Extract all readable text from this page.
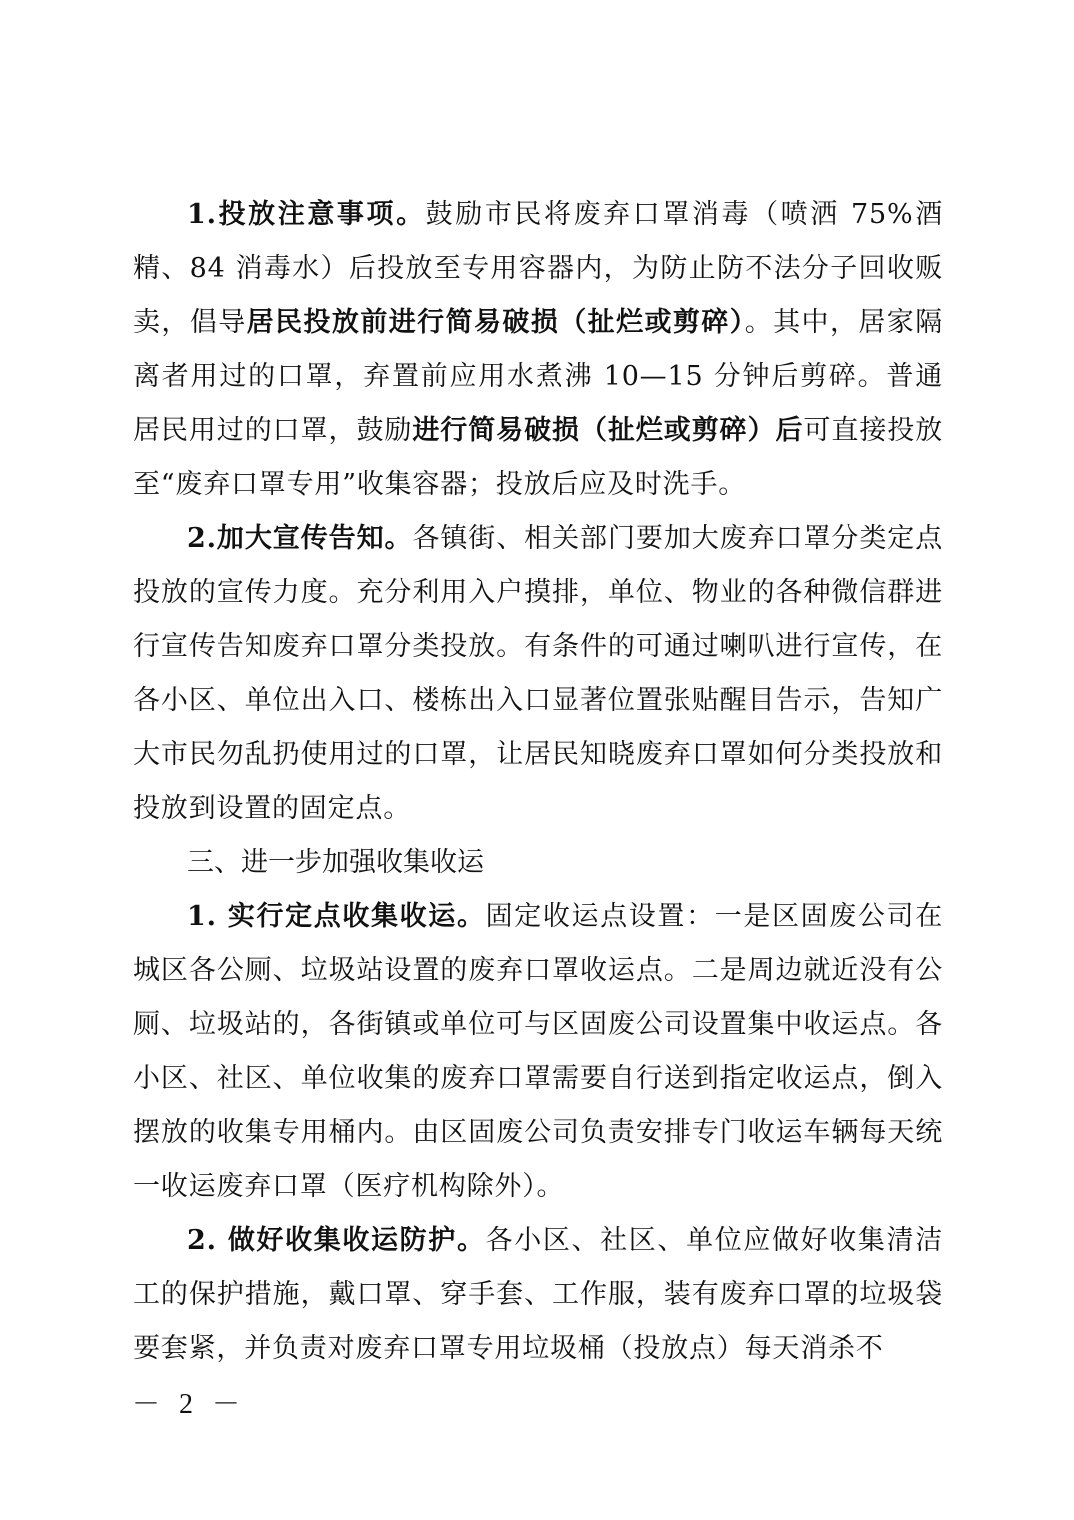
1.投放注意事项。鼓励市民将废弃口罩消毒（喷洒 75%酒精、84 消毒水）后投放至专用容器内，为防止防不法分子回收贩卖，倡导居民投放前进行简易破损（扯烂或剪碎）。其中，居家隔离者用过的口罩，弃置前应用水煮沸 10—15 分钟后剪碎。普通居民用过的口罩，鼓励进行简易破损（扯烂或剪碎）后可直接投放至“废弃口罩专用”收集容器；投放后应及时洗手。

2.加大宣传告知。各镇街、相关部门要加大废弃口罩分类定点投放的宣传力度。充分利用入户摸排，单位、物业的各种微信群进行宣传告知废弃口罩分类投放。有条件的可通过喇叭进行宣传，在各小区、单位出入口、楼栋出入口显著位置张贴醒目告示，告知广大市民勿乱扔使用过的口罩，让居民知晓废弃口罩如何分类投放和投放到设置的固定点。

三、进一步加强收集收运

1. 实行定点收集收运。固定收运点设置：一是区固废公司在城区各公厕、垃圾站设置的废弃口罩收运点。二是周边就近没有公厕、垃圾站的，各街镇或单位可与区固废公司设置集中收运点。各小区、社区、单位收集的废弃口罩需要自行送到指定收运点，倒入摆放的收集专用桶内。由区固废公司负责安排专门收运车辆每天统一收运废弃口罩（医疗机构除外）。

2. 做好收集收运防护。各小区、社区、单位应做好收集清洁工的保护措施，戴口罩、穿手套、工作服，装有废弃口罩的垃圾袋要套紧，并负责对废弃口罩专用垃圾桶（投放点）每天消杀不

－ 2 －
